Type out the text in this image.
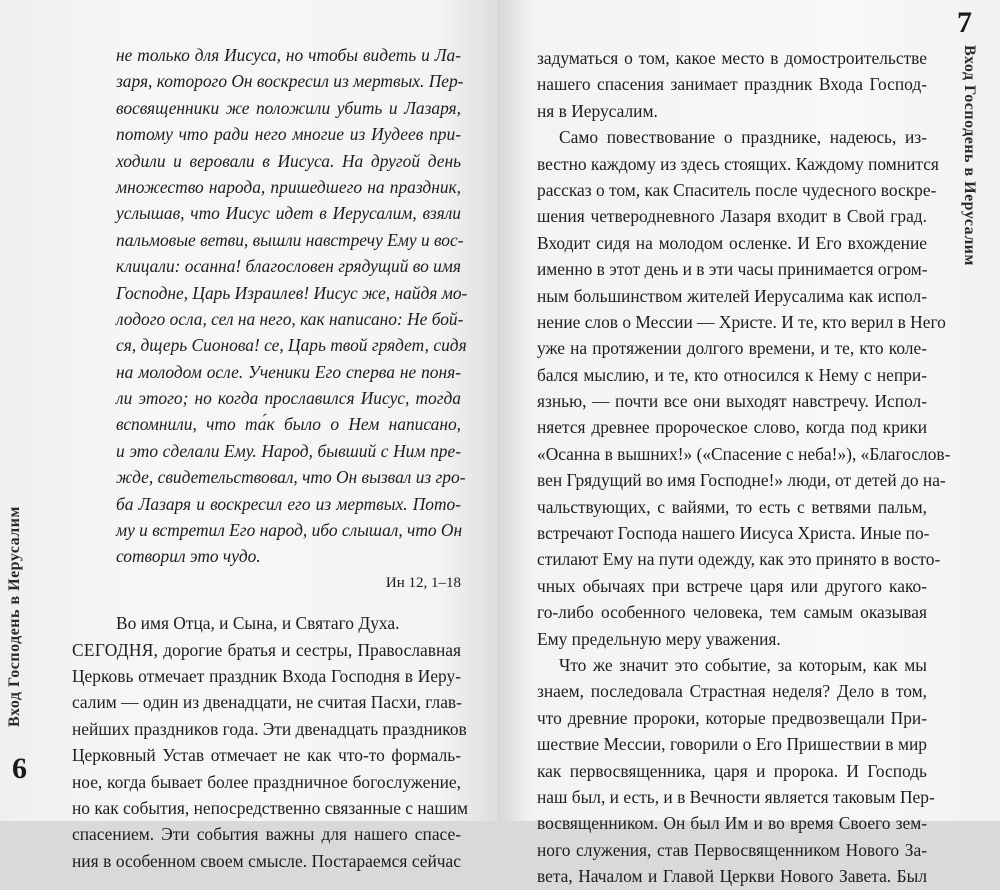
Вход Господень в Иерусалим
6
не только для Иисуса, но чтобы видеть и Ла-
заря, которого Он воскресил из мертвых. Пер-
восвященники же положили убить и Лазаря,
потому что ради него многие из Иудеев при-
ходили и веровали в Иисуса. На другой день
множество народа, пришедшего на праздник,
услышав, что Иисус идет в Иерусалим, взяли
пальмовые ветви, вышли навстречу Ему и вос-
клицали: осанна! благословен грядущий во имя
Господне, Царь Израилев! Иисус же, найдя мо-
лодого осла, сел на него, как написано: Не бой-
ся, дщерь Сионова! се, Царь твой грядет, сидя
на молодом осле. Ученики Его сперва не поня-
ли этого; но когда прославился Иисус, тогда
вспомнили, что та́к было о Нем написано,
и это сделали Ему. Народ, бывший с Ним пре-
жде, свидетельствовал, что Он вызвал из гро-
ба Лазаря и воскресил его из мертвых. Пото-
му и встретил Его народ, ибо слышал, что Он
сотворил это чудо.
Ин 12, 1–18
Во имя Отца, и Сына, и Святаго Духа.
СЕГОДНЯ, дорогие братья и сестры, Православная
Церковь отмечает праздник Входа Господня в Иеру-
салим — один из двенадцати, не считая Пасхи, глав-
нейших праздников года. Эти двенадцать праздников
Церковный Устав отмечает не как что-то формаль-
ное, когда бывает более праздничное богослужение,
но как события, непосредственно связанные с нашим
спасением. Эти события важны для нашего спасе-
ния в особенном своем смысле. Постараемся сейчас
задуматься о том, какое место в домостроительстве
нашего спасения занимает праздник Входа Господ-
ня в Иерусалим.
Само повествование о празднике, надеюсь, из-
вестно каждому из здесь стоящих. Каждому помнится
рассказ о том, как Спаситель после чудесного воскре-
шения четверодневного Лазаря входит в Свой град.
Входит сидя на молодом осленке. И Его вхождение
именно в этот день и в эти часы принимается огром-
ным большинством жителей Иерусалима как испол-
нение слов о Мессии — Христе. И те, кто верил в Него
уже на протяжении долгого времени, и те, кто коле-
бался мыслию, и те, кто относился к Нему с непри-
язнью, — почти все они выходят навстречу. Испол-
няется древнее пророческое слово, когда под крики
«Осанна в вышних!» («Спасение с неба!»), «Благослов-
вен Грядущий во имя Господне!» люди, от детей до на-
чальствующих, с вайями, то есть с ветвями пальм,
встречают Господа нашего Иисуса Христа. Иные по-
стилают Ему на пути одежду, как это принято в восто-
чных обычаях при встрече царя или другого како-
го-либо особенного человека, тем самым оказывая
Ему предельную меру уважения.
Что же значит это событие, за которым, как мы
знаем, последовала Страстная неделя? Дело в том,
что древние пророки, которые предвозвещали При-
шествие Мессии, говорили о Его Пришествии в мир
как первосвященника, царя и пророка. И Господь
наш был, и есть, и в Вечности является таковым Пер-
восвященником. Он был Им и во время Своего зем-
ного служения, став Первосвященником Нового За-
вета, Началом и Главой Церкви Нового Завета. Был
7
Вход Господень в Иерусалим
